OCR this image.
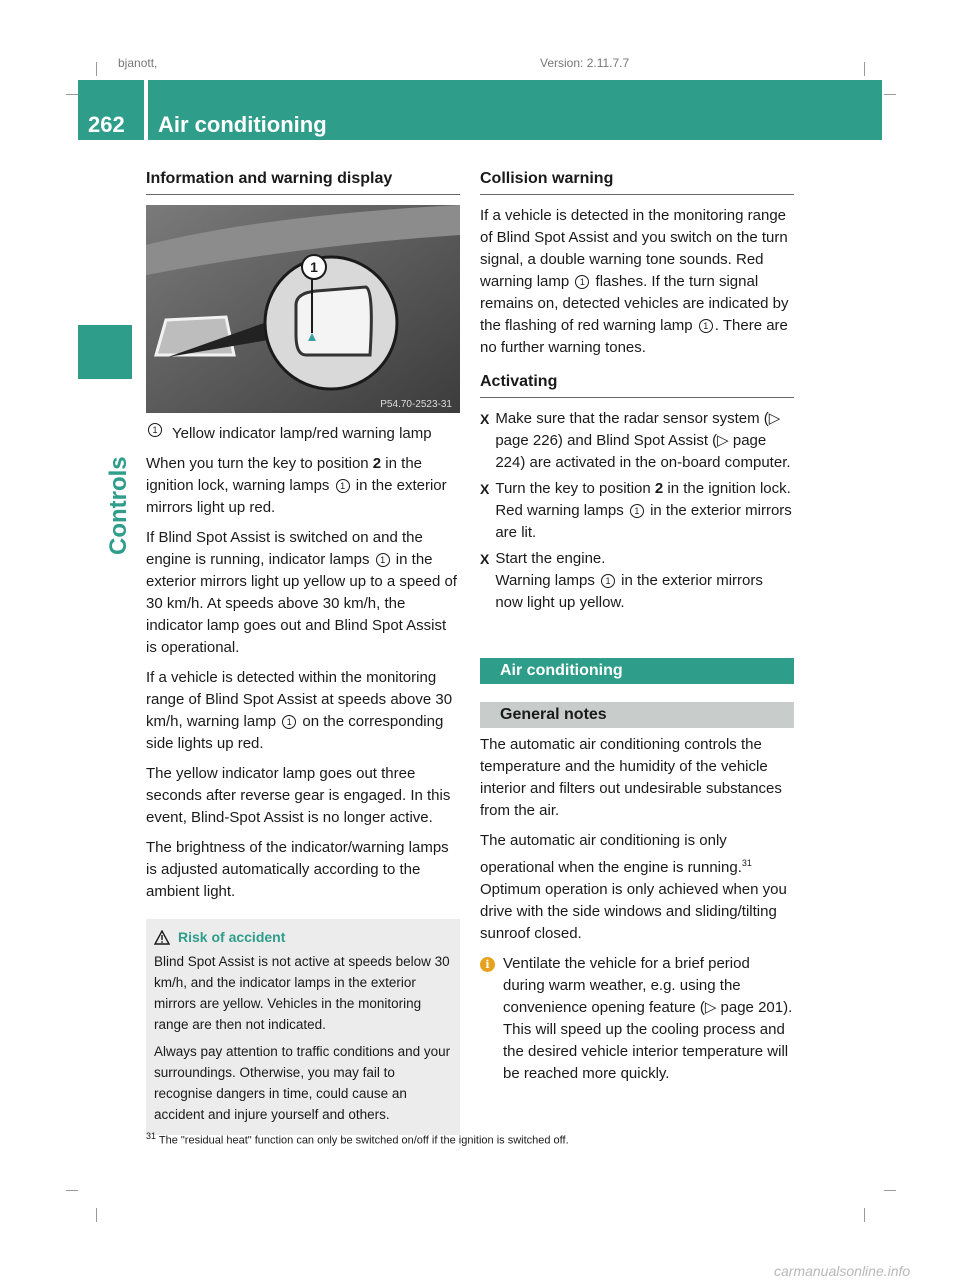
bjanott,	Version: 2.11.7.7
262 Air conditioning
Controls
Information and warning display
1
P54.70-2523-31
1

Yellow indicator lamp/red warning lamp

When you turn the key to position 2 in the ignition lock, warning lamps 1 in the exterior mirrors light up red.

If Blind Spot Assist is switched on and the engine is running, indicator lamps 1 in the exterior mirrors light up yellow up to a speed of 30 km/h. At speeds above 30 km/h, the indicator lamp goes out and Blind Spot Assist is operational.

If a vehicle is detected within the monitoring range of Blind Spot Assist at speeds above 30 km/h, warning lamp 1 on the corresponding side lights up red.

The yellow indicator lamp goes out three seconds after reverse gear is engaged. In this event, Blind-Spot Assist is no longer active.

The brightness of the indicator/warning lamps is adjusted automatically according to the ambient light.

Risk of accident

Blind Spot Assist is not active at speeds below 30 km/h, and the indicator lamps in the exterior mirrors are yellow. Vehicles in the monitoring range are then not indicated.

Always pay attention to traffic conditions and your surroundings. Otherwise, you may fail to recognise dangers in time, could cause an accident and injure yourself and others.

Collision warning

If a vehicle is detected in the monitoring range of Blind Spot Assist and you switch on the turn signal, a double warning tone sounds. Red warning lamp 1 flashes. If the turn signal remains on, detected vehicles are indicated by the flashing of red warning lamp 1. There are no further warning tones.

Activating
X Make sure that the radar sensor system (▷ page 226) and Blind Spot Assist (▷ page 224) are activated in the on-board computer.

X Turn the key to position 2 in the ignition lock.
Red warning lamps 1 in the exterior mirrors are lit.

X Start the engine.
Warning lamps 1 in the exterior mirrors now light up yellow.

Air conditioning
General notes

The automatic air conditioning controls the temperature and the humidity of the vehicle interior and filters out undesirable substances from the air.

The automatic air conditioning is only operational when the engine is running.$^{31}$ Optimum operation is only achieved when you drive with the side windows and sliding/tilting sunroof closed.

i Ventilate the vehicle for a brief period during warm weather, e.g. using the convenience opening feature (▷ page 201). This will speed up the cooling process and the desired vehicle interior temperature will be reached more quickly.

$^{31}$ The "residual heat" function can only be switched on/off if the ignition is switched off.
carmanualsonline.info
